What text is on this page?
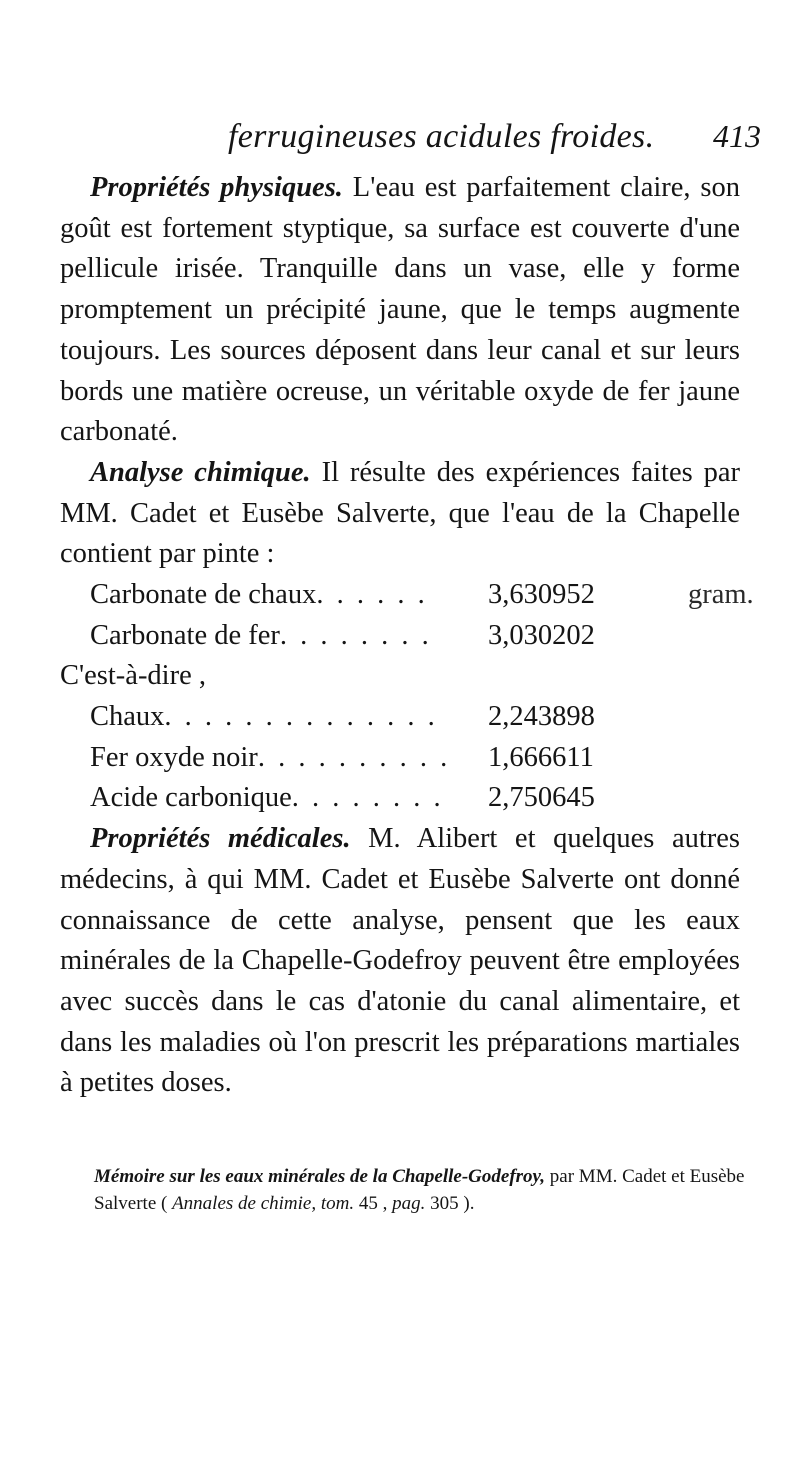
ferrugineuses acidules froides. 413

Propriétés physiques. L'eau est parfaitement claire, son goût est fortement styptique, sa surface est couverte d'une pellicule irisée. Tranquille dans un vase, elle y forme promptement un précipité jaune, que le temps augmente toujours. Les sources déposent dans leur canal et sur leurs bords une matière ocreuse, un véritable oxyde de fer jaune carbonaté.

Analyse chimique. Il résulte des expériences faites par MM. Cadet et Eusèbe Salverte, que l'eau de la Chapelle contient par pinte :

Carbonate de chaux . . . . . .	3,630952	gram.
Carbonate de fer . . . . . . . .	3,030202
C'est-à-dire ,
Chaux . . . . . . . . . . . . . .	2,243898
Fer oxyde noir . . . . . . . . . .	1,666611
Acide carbonique . . . . . . . .	2,750645

Propriétés médicales. M. Alibert et quelques autres médecins, à qui MM. Cadet et Eusèbe Salverte ont donné connaissance de cette analyse, pensent que les eaux minérales de la Chapelle-Godefroy peuvent être employées avec succès dans le cas d'atonie du canal alimentaire, et dans les maladies où l'on prescrit les préparations martiales à petites doses.

Mémoire sur les eaux minérales de la Chapelle-Godefroy, par MM. Cadet et Eusèbe Salverte ( Annales de chimie, tom. 45 , pag. 305 ).
